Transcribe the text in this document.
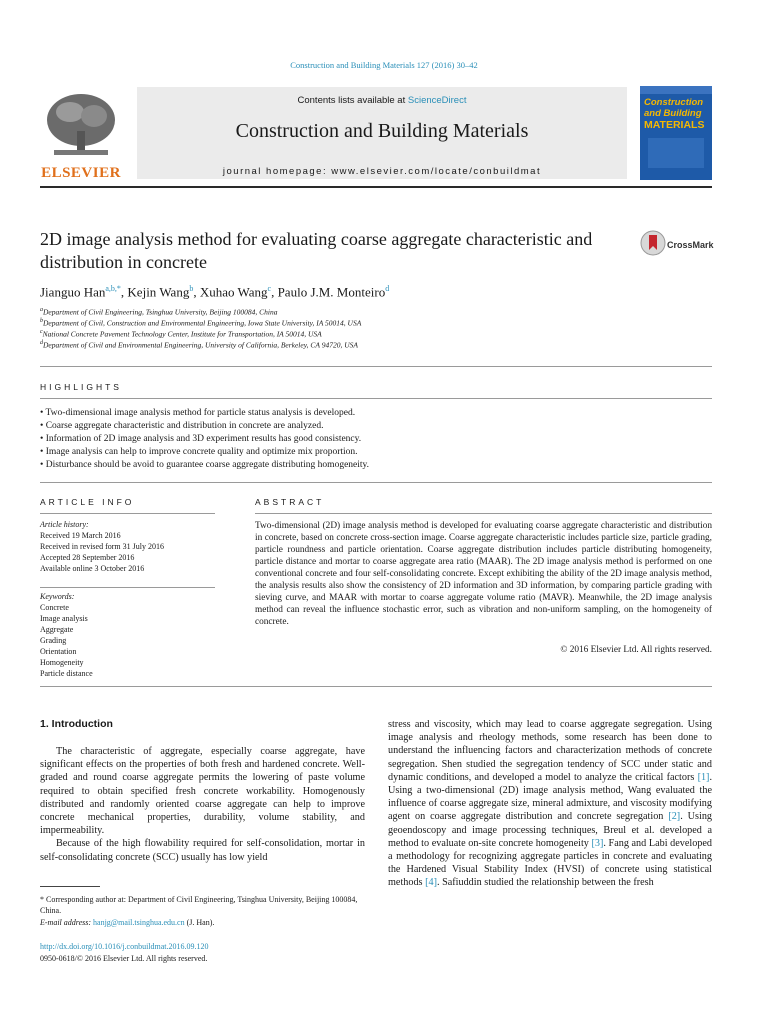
Construction and Building Materials 127 (2016) 30–42
ELSEVIER
Contents lists available at ScienceDirect
Construction and Building Materials
journal homepage: www.elsevier.com/locate/conbuildmat
Construction
and Building
MATERIALS
2D image analysis method for evaluating coarse aggregate characteristic and distribution in concrete
CrossMark
Jianguo Han$^{a,b,*}$, Kejin Wang$^b$, Xuhao Wang$^c$, Paulo J.M. Monteiro$^d$
$^a$Department of Civil Engineering, Tsinghua University, Beijing 100084, China
$^b$Department of Civil, Construction and Environmental Engineering, Iowa State University, IA 50014, USA
$^c$National Concrete Pavement Technology Center, Institute for Transportation, IA 50014, USA
$^d$Department of Civil and Environmental Engineering, University of California, Berkeley, CA 94720, USA
HIGHLIGHTS
• Two-dimensional image analysis method for particle status analysis is developed.
• Coarse aggregate characteristic and distribution in concrete are analyzed.
• Information of 2D image analysis and 3D experiment results has good consistency.
• Image analysis can help to improve concrete quality and optimize mix proportion.
• Disturbance should be avoid to guarantee coarse aggregate distributing homogeneity.
ARTICLE INFO
Article history:
Received 19 March 2016
Received in revised form 31 July 2016
Accepted 28 September 2016
Available online 3 October 2016
Keywords:
Concrete
Image analysis
Aggregate
Grading
Orientation
Homogeneity
Particle distance
ABSTRACT
Two-dimensional (2D) image analysis method is developed for evaluating coarse aggregate characteristic and distribution in concrete, based on concrete cross-section image. Coarse aggregate characteristic includes particle size, particle grading, particle roundness and particle orientation. Coarse aggregate distribution includes particle distributing homogeneity, particle distance and mortar to coarse aggregate area ratio (MAAR). The 2D image analysis method is performed on one conventional concrete and four self-consolidating concrete. Except exhibiting the ability of the 2D image analysis method, the analysis results also show the consistency of 2D information and 3D information, by comparing particle grading with sieving curve, and MAAR with mortar to coarse aggregate volume ratio (MAVR). Meanwhile, the 2D image analysis method can reveal the influence stochastic error, such as vibration and non-uniform sampling, on the homogeneity of concrete.
© 2016 Elsevier Ltd. All rights reserved.
1. Introduction

The characteristic of aggregate, especially coarse aggregate, have significant effects on the properties of both fresh and hardened concrete. Well-graded and round coarse aggregate permits the lowering of paste volume required to obtain specified fresh concrete workability. Homogenously distributed and randomly oriented coarse aggregate can help to improve concrete mechanical properties, durability, volume stability, and impermeability.

Because of the high flowability required for self-consolidation, mortar in self-consolidating concrete (SCC) usually has low yield

stress and viscosity, which may lead to coarse aggregate segregation. Using image analysis and rheology methods, some research has been done to understand the influencing factors and characterization methods of concrete segregation. Shen studied the segregation tendency of SCC under static and dynamic conditions, and developed a model to analyze the critical factors [1]. Using a two-dimensional (2D) image analysis method, Wang evaluated the influence of coarse aggregate size, mineral admixture, and viscosity modifying agent on coarse aggregate distribution and concrete segregation [2]. Using geoendoscopy and image processing techniques, Breul et al. developed a method to evaluate on-site concrete homogeneity [3]. Fang and Labi developed a methodology for recognizing aggregate particles in concrete and evaluating the Hardened Visual Stability Index (HVSI) of concrete using statistical methods [4]. Safiuddin studied the relationship between the fresh

* Corresponding author at: Department of Civil Engineering, Tsinghua University, Beijing 100084, China.
E-mail address: hanjg@mail.tsinghua.edu.cn (J. Han).
http://dx.doi.org/10.1016/j.conbuildmat.2016.09.120
0950-0618/© 2016 Elsevier Ltd. All rights reserved.
